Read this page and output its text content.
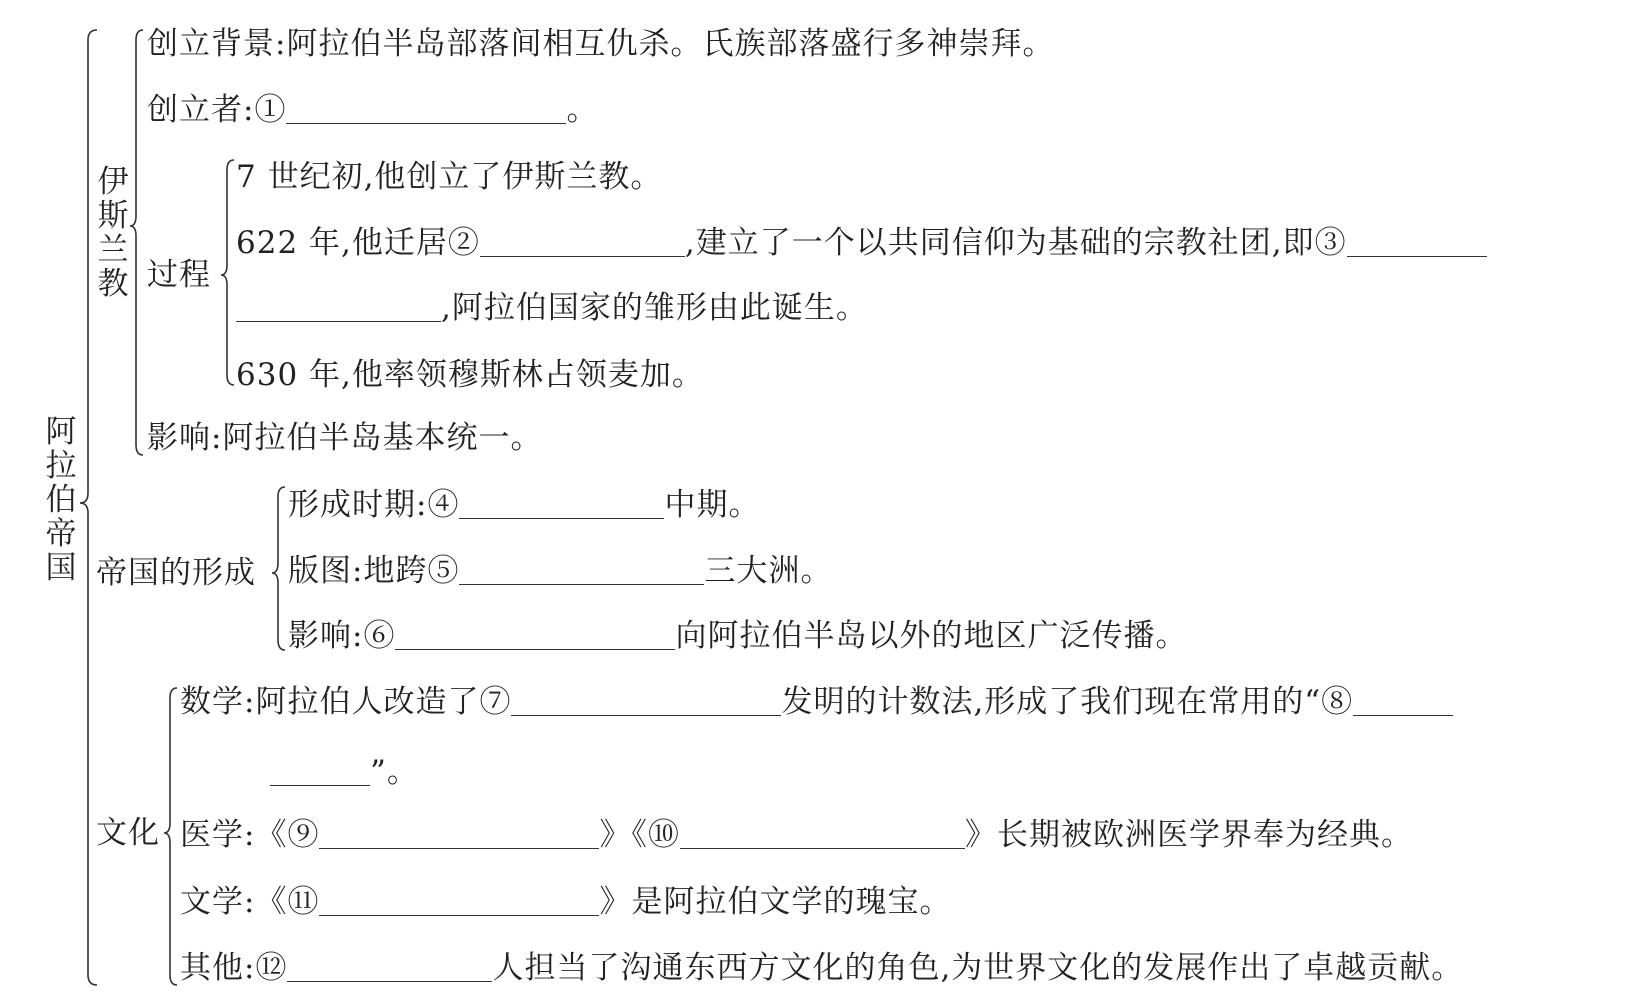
阿拉伯帝国
伊斯兰教
创立背景:阿拉伯半岛部落间相互仇杀。氏族部落盛行多神崇拜。
创立者:①	。
过程
7 世纪初,他创立了伊斯兰教。
622 年,他迁居②	,建立了一个以共同信仰为基础的宗教社团,即③
,阿拉伯国家的雏形由此诞生。
630 年,他率领穆斯林占领麦加。
影响:阿拉伯半岛基本统一。
帝国的形成
形成时期:④	中期。
版图:地跨⑤	三大洲。
影响:⑥	向阿拉伯半岛以外的地区广泛传播。
文化
数学:阿拉伯人改造了⑦	发明的计数法,形成了我们现在常用的“⑧
”。
医学:《⑨	》《⑩	》长期被欧洲医学界奉为经典。
文学:《⑪	》是阿拉伯文学的瑰宝。
其他:⑫	人担当了沟通东西方文化的角色,为世界文化的发展作出了卓越贡献。
